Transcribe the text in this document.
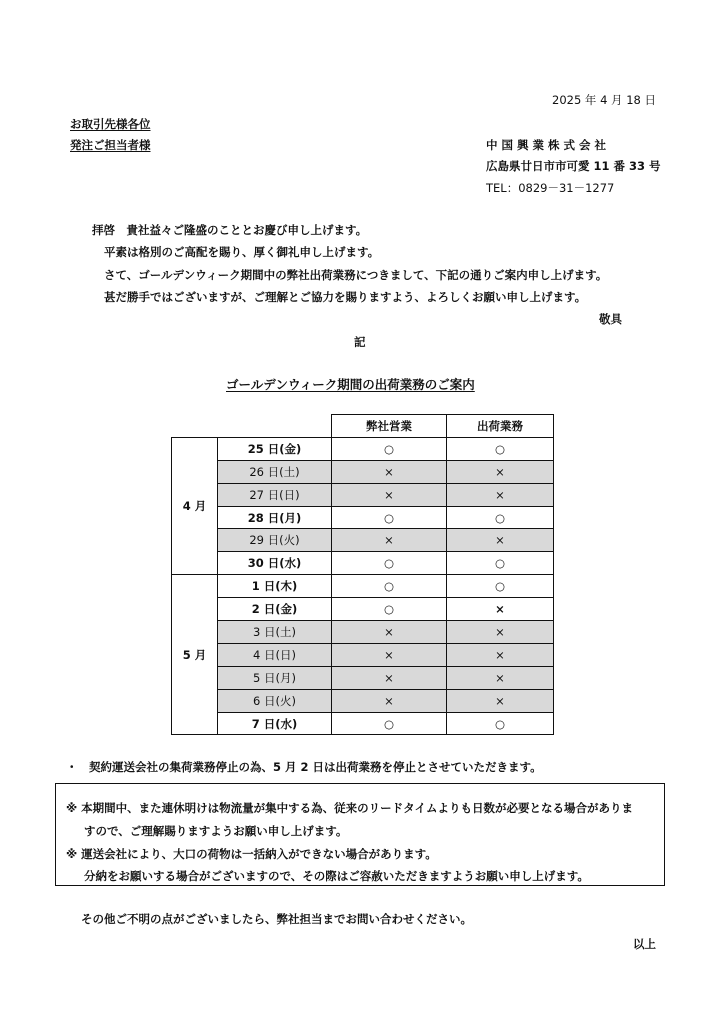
2025 年 4 月 18 日
お取引先様各位
発注ご担当者様	中 国 興 業 株 式 会 社
広島県廿日市市可愛 11 番 33 号
TEL：0829－31－1277
拝啓　貴社益々ご隆盛のこととお慶び申し上げます。
平素は格別のご高配を賜り、厚く御礼申し上げます。
さて、ゴールデンウィーク期間中の弊社出荷業務につきまして、下記の通りご案内申し上げます。
甚だ勝手ではございますが、ご理解とご協力を賜りますよう、よろしくお願い申し上げます。
敬具
記
ゴールデンウィーク期間の出荷業務のご案内
		弊社営業	出荷業務
4 月	25 日(金)	○	○
	26 日(土)	×	×
	27 日(日)	×	×
	28 日(月)	○	○
	29 日(火)	×	×
	30 日(水)	○	○
5 月	1 日(木)	○	○
	2 日(金)	○	×
	3 日(土)	×	×
	4 日(日)	×	×
	5 日(月)	×	×
	6 日(火)	×	×
	7 日(水)	○	○
・ 契約運送会社の集荷業務停止の為、5 月 2 日は出荷業務を停止とさせていただきます。
※ 本期間中、また連休明けは物流量が集中する為、従来のリードタイムよりも日数が必要となる場合がありま
すので、ご理解賜りますようお願い申し上げます。
※ 運送会社により、大口の荷物は一括納入ができない場合があります。
分納をお願いする場合がございますので、その際はご容赦いただきますようお願い申し上げます。
その他ご不明の点がございましたら、弊社担当までお問い合わせください。
以上
